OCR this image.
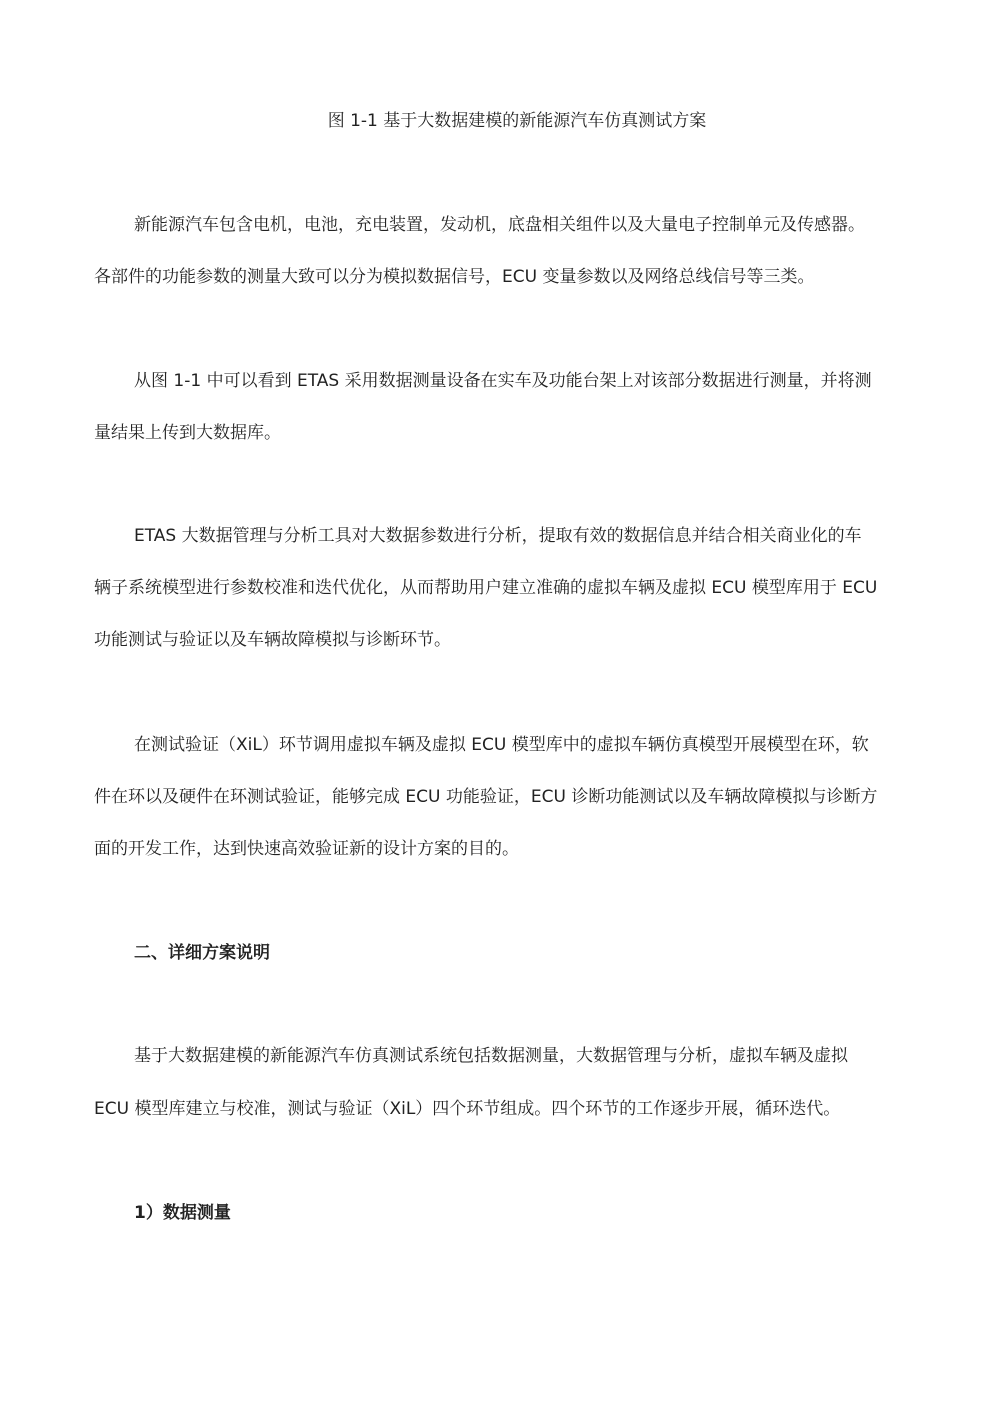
图 1-1 基于大数据建模的新能源汽车仿真测试方案
新能源汽车包含电机，电池，充电装置，发动机，底盘相关组件以及大量电子控制单元及传感器。
各部件的功能参数的测量大致可以分为模拟数据信号，ECU 变量参数以及网络总线信号等三类。
从图 1-1 中可以看到 ETAS 采用数据测量设备在实车及功能台架上对该部分数据进行测量，并将测
量结果上传到大数据库。
ETAS 大数据管理与分析工具对大数据参数进行分析，提取有效的数据信息并结合相关商业化的车
辆子系统模型进行参数校准和迭代优化，从而帮助用户建立准确的虚拟车辆及虚拟 ECU 模型库用于 ECU
功能测试与验证以及车辆故障模拟与诊断环节。
在测试验证（XiL）环节调用虚拟车辆及虚拟 ECU 模型库中的虚拟车辆仿真模型开展模型在环，软
件在环以及硬件在环测试验证，能够完成 ECU 功能验证，ECU 诊断功能测试以及车辆故障模拟与诊断方
面的开发工作，达到快速高效验证新的设计方案的目的。
二、详细方案说明
基于大数据建模的新能源汽车仿真测试系统包括数据测量，大数据管理与分析，虚拟车辆及虚拟
ECU 模型库建立与校准，测试与验证（XiL）四个环节组成。四个环节的工作逐步开展，循环迭代。
1）数据测量
